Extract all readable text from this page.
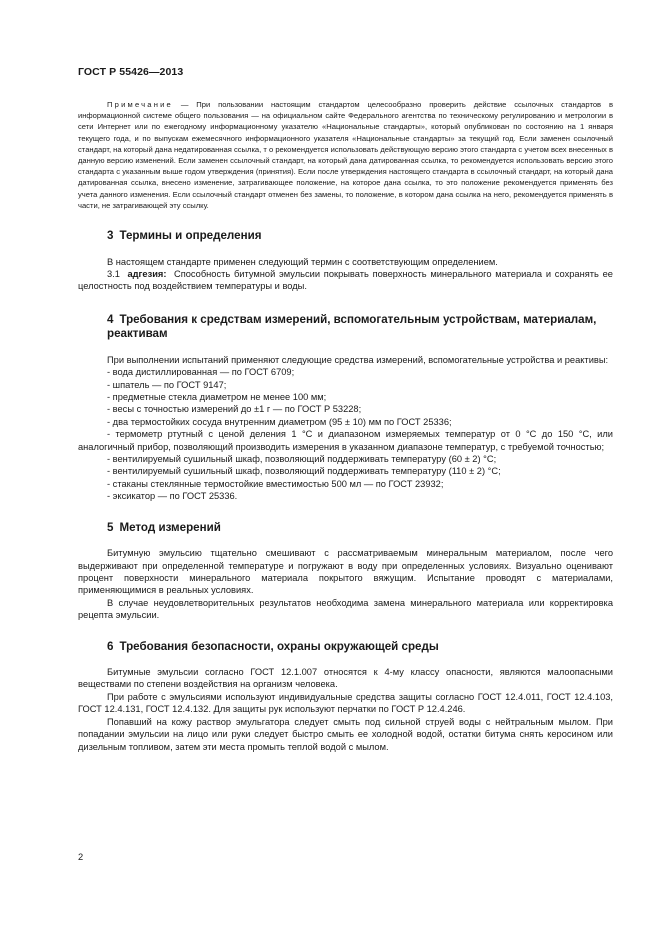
ГОСТ Р 55426—2013

Примечание — При пользовании настоящим стандартом целесообразно проверить действие ссылочных стандартов в информационной системе общего пользования — на официальном сайте Федерального агентства по техническому регулированию и метрологии в сети Интернет или по ежегодному информационному указателю «Национальные стандарты», который опубликован по состоянию на 1 января текущего года, и по выпускам ежемесячного информационного указателя «Национальные стандарты» за текущий год. Если заменен ссылочный стандарт, на который дана недатированная ссылка, т о рекомендуется использовать действующую версию этого стандарта с учетом всех внесенных в данную версию изменений. Если заменен ссылочный стандарт, на который дана датированная ссылка, то рекомендуется использовать версию этого стандарта с указанным выше годом утверждения (принятия). Если после утверждения настоящего стандарта в ссылочный стандарт, на который дана датированная ссылка, внесено изменение, затрагивающее положение, на которое дана ссылка, то это положение рекомендуется применять без учета данного изменения. Если ссылочный стандарт отменен без замены, то положение, в котором дана ссылка на него, рекомендуется применять в части, не затрагивающей эту ссылку.

3 Термины и определения

В настоящем стандарте применен следующий термин с соответствующим определением.

3.1 адгезия: Способность битумной эмульсии покрывать поверхность минерального материала и сохранять ее целостность под воздействием температуры и воды.

4 Требования к средствам измерений, вспомогательным устройствам, материалам, реактивам

При выполнении испытаний применяют следующие средства измерений, вспомогательные устройства и реактивы:

- вода дистиллированная — по ГОСТ 6709;
- шпатель — по ГОСТ 9147;
- предметные стекла диаметром не менее 100 мм;
- весы с точностью измерений до ±1 г — по ГОСТ Р 53228;
- два термостойких сосуда внутренним диаметром (95 ± 10) мм по ГОСТ 25336;
- термометр ртутный с ценой деления 1 °С и диапазоном измеряемых температур от 0 °С до 150 °С, или аналогичный прибор, позволяющий производить измерения в указанном диапазоне температур, с требуемой точностью;
- вентилируемый сушильный шкаф, позволяющий поддерживать температуру (60 ± 2) °С;
- вентилируемый сушильный шкаф, позволяющий поддерживать температуру (110 ± 2) °С;
- стаканы стеклянные термостойкие вместимостью 500 мл — по ГОСТ 23932;
- эксикатор — по ГОСТ 25336.
5 Метод измерений

Битумную эмульсию тщательно смешивают с рассматриваемым минеральным материалом, после чего выдерживают при определенной температуре и погружают в воду при определенных условиях. Визуально оценивают процент поверхности минерального материала покрытого вяжущим. Испытание проводят с материалами, применяющимися в реальных условиях.

В случае неудовлетворительных результатов необходима замена минерального материала или корректировка рецепта эмульсии.

6 Требования безопасности, охраны окружающей среды

Битумные эмульсии согласно ГОСТ 12.1.007 относятся к 4-му классу опасности, являются малоопасными веществами по степени воздействия на организм человека.

При работе с эмульсиями используют индивидуальные средства защиты согласно ГОСТ 12.4.011, ГОСТ 12.4.103, ГОСТ 12.4.131, ГОСТ 12.4.132. Для защиты рук используют перчатки по ГОСТ Р 12.4.246.

Попавший на кожу раствор эмульгатора следует смыть под сильной струей воды с нейтральным мылом. При попадании эмульсии на лицо или руки следует быстро смыть ее холодной водой, остатки битума снять керосином или дизельным топливом, затем эти места промыть теплой водой с мылом.

2
